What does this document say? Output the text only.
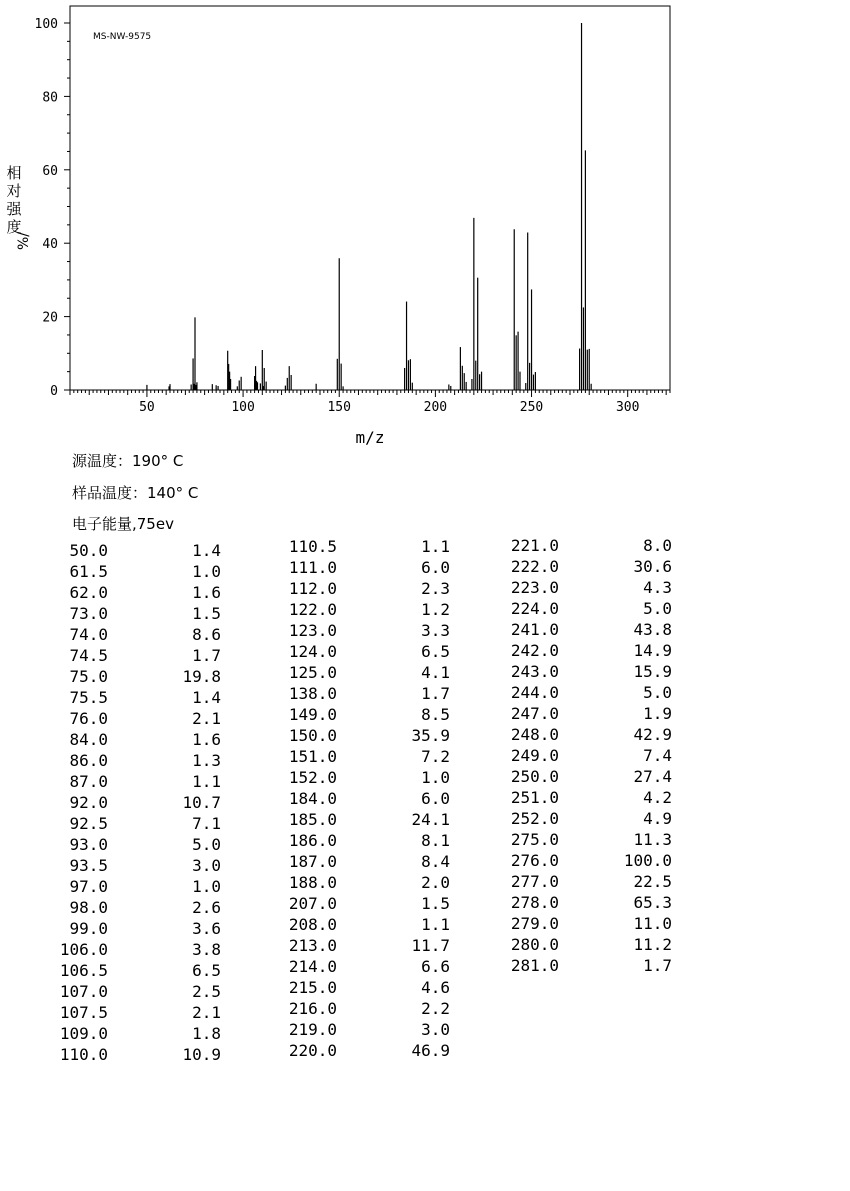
MS-NW-9575
0
20
40
60
80
100
50	100	150	200	250	300
m/z
相
对
强
度
%/
源温度：190° C
样品温度：140° C
电子能量,75ev
50.0	1.4
61.5	1.0
62.0	1.6
73.0	1.5
74.0	8.6
74.5	1.7
75.0	19.8
75.5	1.4
76.0	2.1
84.0	1.6
86.0	1.3
87.0	1.1
92.0	10.7
92.5	7.1
93.0	5.0
93.5	3.0
97.0	1.0
98.0	2.6
99.0	3.6
106.0	3.8
106.5	6.5
107.0	2.5
107.5	2.1
109.0	1.8
110.0	10.9
110.5	1.1
111.0	6.0
112.0	2.3
122.0	1.2
123.0	3.3
124.0	6.5
125.0	4.1
138.0	1.7
149.0	8.5
150.0	35.9
151.0	7.2
152.0	1.0
184.0	6.0
185.0	24.1
186.0	8.1
187.0	8.4
188.0	2.0
207.0	1.5
208.0	1.1
213.0	11.7
214.0	6.6
215.0	4.6
216.0	2.2
219.0	3.0
220.0	46.9
221.0	8.0
222.0	30.6
223.0	4.3
224.0	5.0
241.0	43.8
242.0	14.9
243.0	15.9
244.0	5.0
247.0	1.9
248.0	42.9
249.0	7.4
250.0	27.4
251.0	4.2
252.0	4.9
275.0	11.3
276.0	100.0
277.0	22.5
278.0	65.3
279.0	11.0
280.0	11.2
281.0	1.7
